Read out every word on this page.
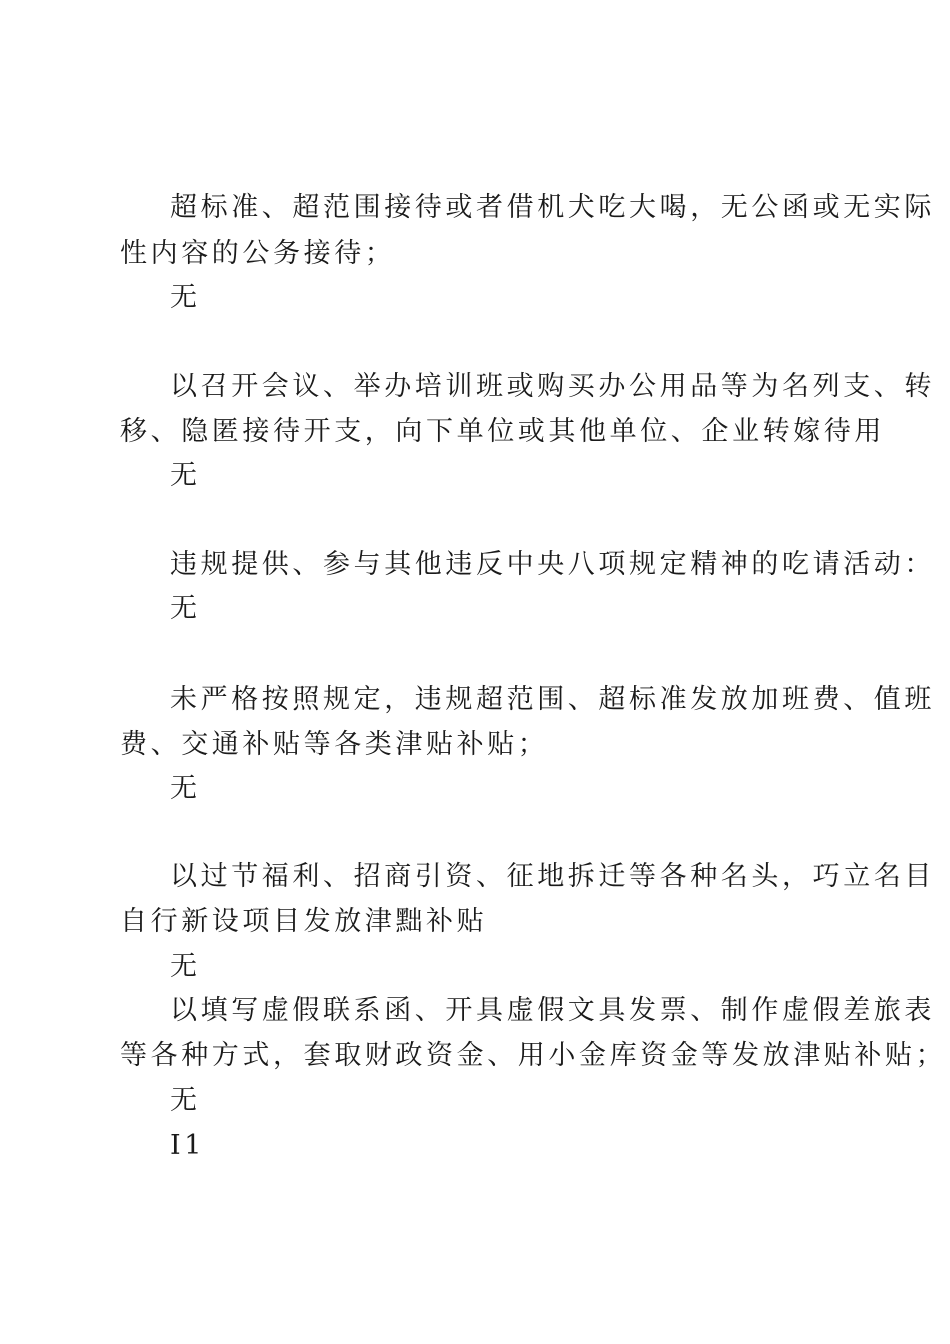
超标准、超范围接待或者借机犬吃大喝，无公函或无实际
性内容的公务接待；
无
以召开会议、举办培训班或购买办公用品等为名列支、转
移、隐匿接待开支，向下单位或其他单位、企业转嫁待用
无
违规提供、参与其他违反中央八项规定精神的吃请活动：
无
未严格按照规定，违规超范围、超标准发放加班费、值班
费、交通补贴等各类津贴补贴；
无
以过节福利、招商引资、征地拆迁等各种名头，巧立名目
自行新设项目发放津黜补贴
无
以填写虚假联系函、开具虚假文具发票、制作虚假差旅表
等各种方式，套取财政资金、用小金库资金等发放津贴补贴；
无
I1
